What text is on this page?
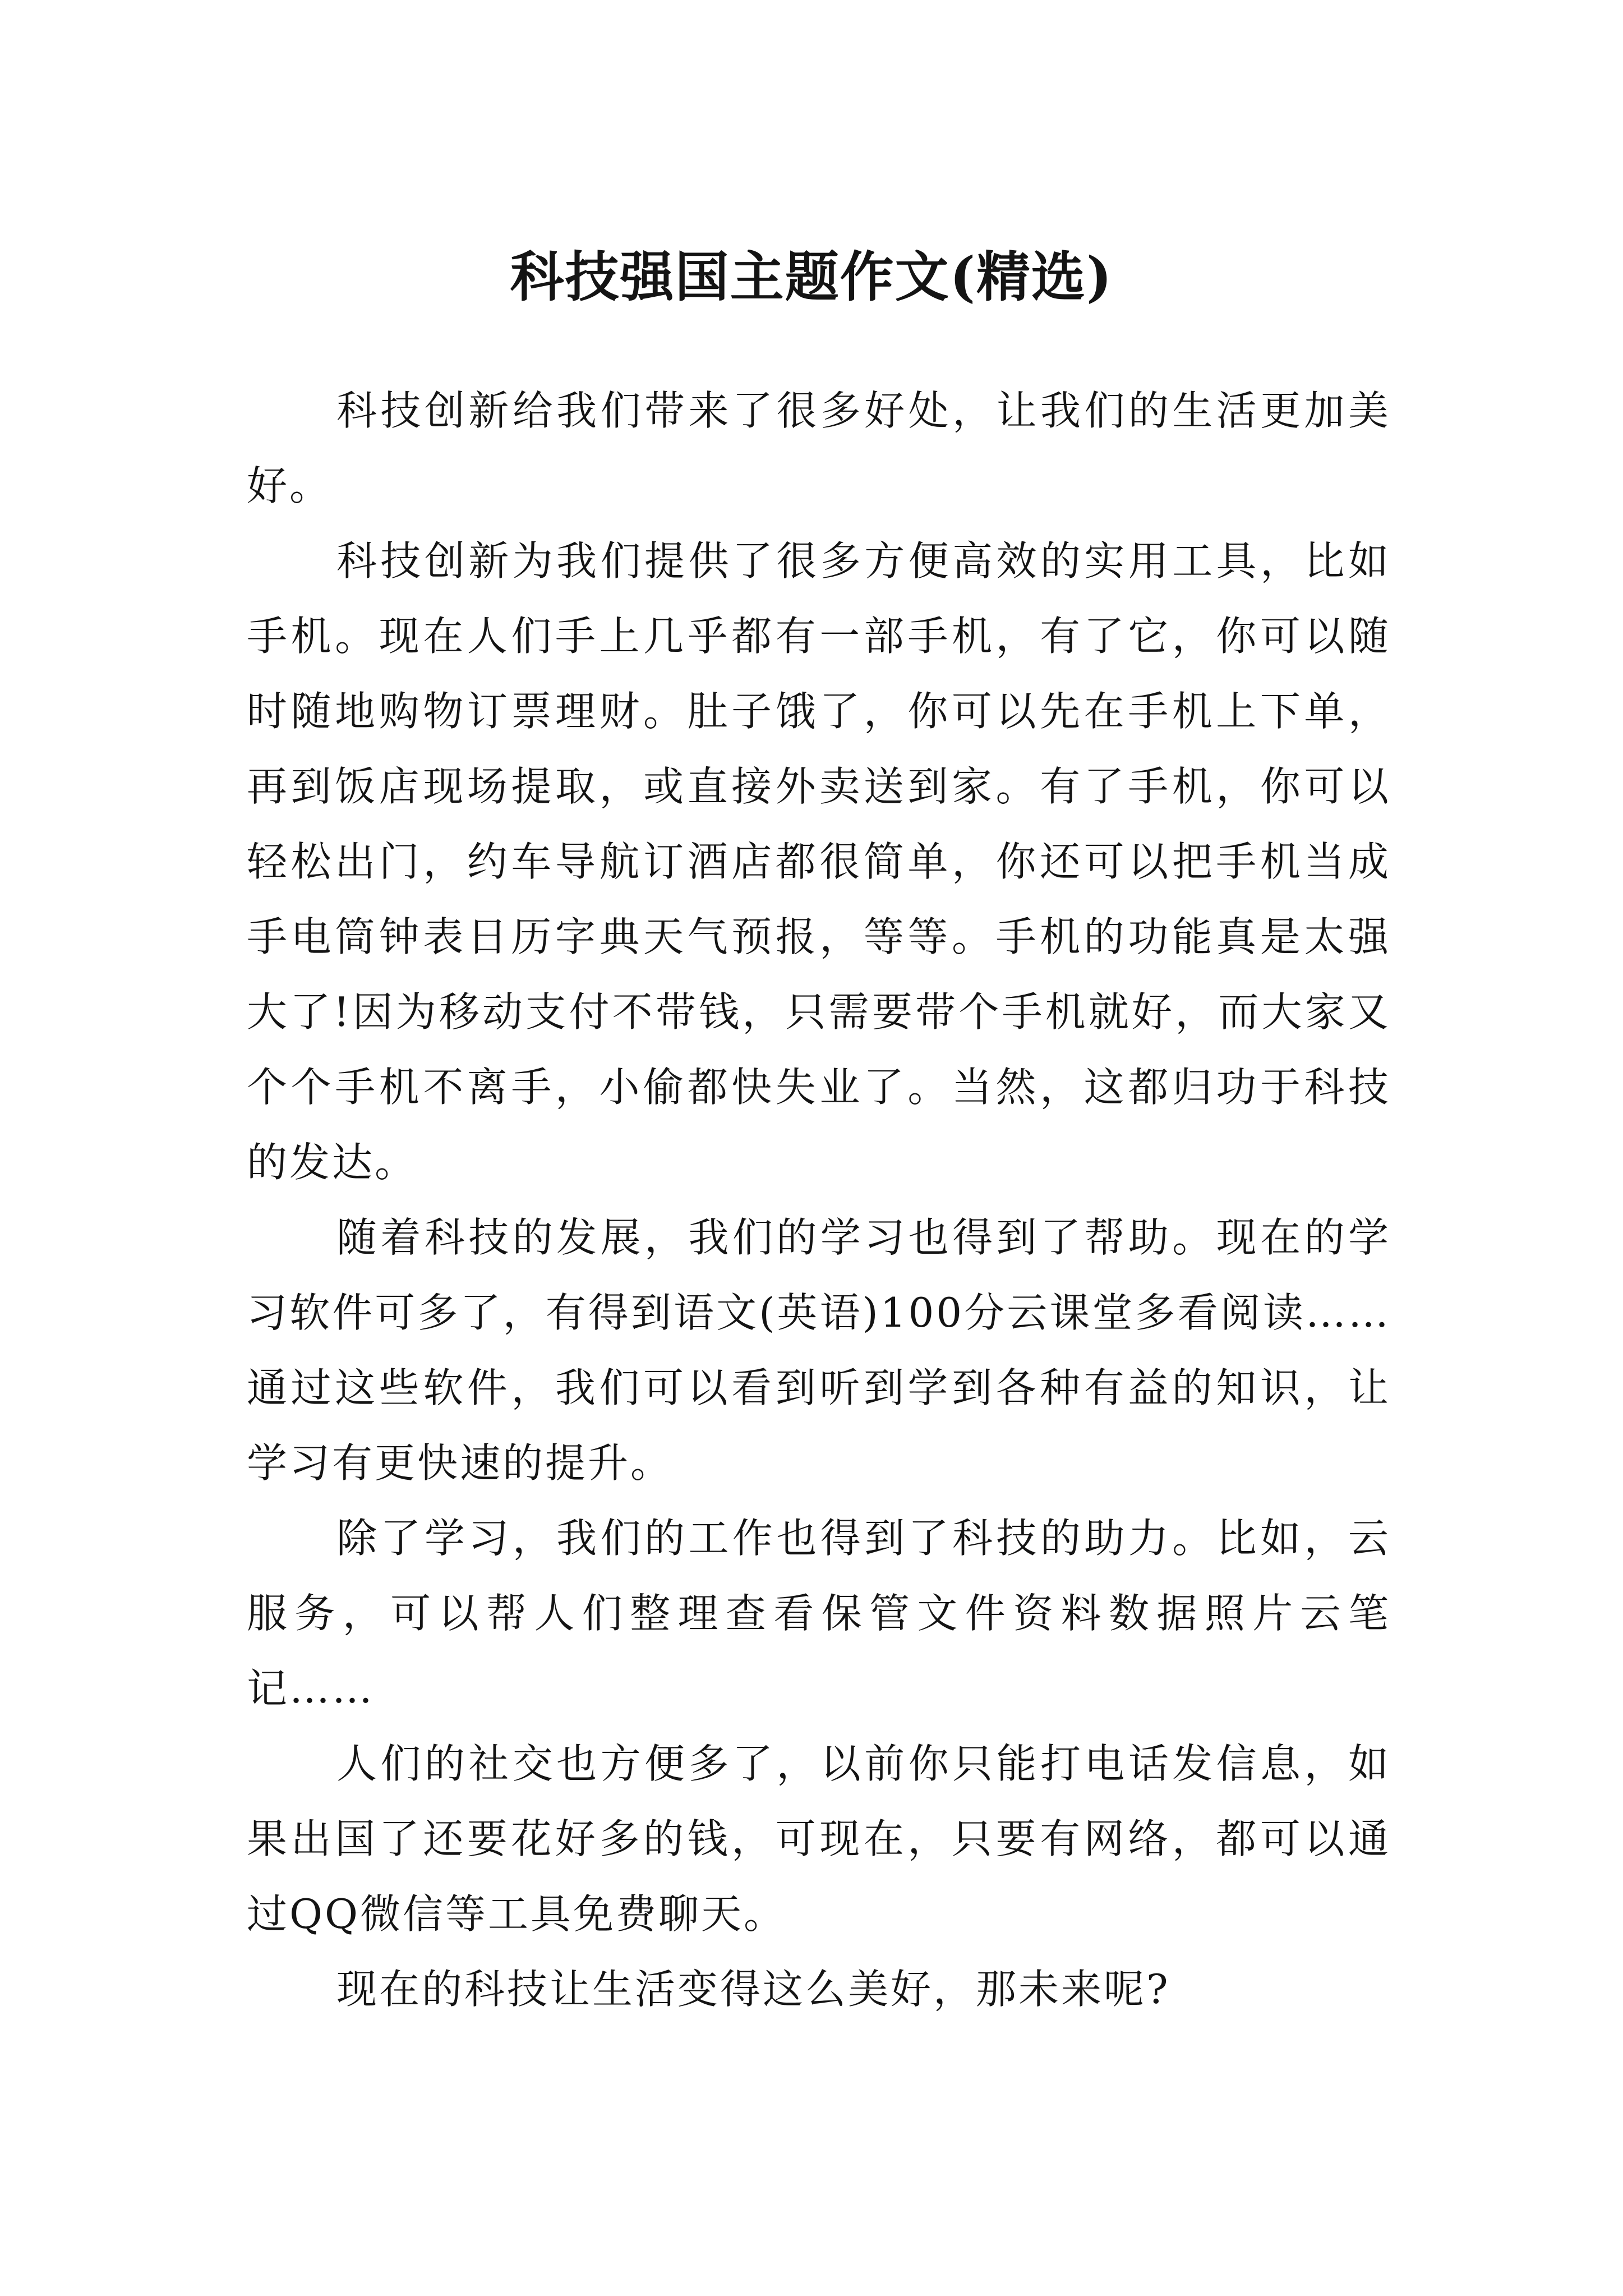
科技强国主题作文(精选)

科技创新给我们带来了很多好处，让我们的生活更加美好。

科技创新为我们提供了很多方便高效的实用工具，比如手机。现在人们手上几乎都有一部手机，有了它，你可以随时随地购物订票理财。肚子饿了，你可以先在手机上下单，再到饭店现场提取，或直接外卖送到家。有了手机，你可以轻松出门，约车导航订酒店都很简单，你还可以把手机当成手电筒钟表日历字典天气预报，等等。手机的功能真是太强大了!因为移动支付不带钱，只需要带个手机就好，而大家又个个手机不离手，小偷都快失业了。当然，这都归功于科技的发达。

随着科技的发展，我们的学习也得到了帮助。现在的学习软件可多了，有得到语文(英语)100分云课堂多看阅读……通过这些软件，我们可以看到听到学到各种有益的知识，让学习有更快速的提升。

除了学习，我们的工作也得到了科技的助力。比如，云服务，可以帮人们整理查看保管文件资料数据照片云笔记……

人们的社交也方便多了，以前你只能打电话发信息，如果出国了还要花好多的钱，可现在，只要有网络，都可以通过QQ微信等工具免费聊天。

现在的科技让生活变得这么美好，那未来呢?
